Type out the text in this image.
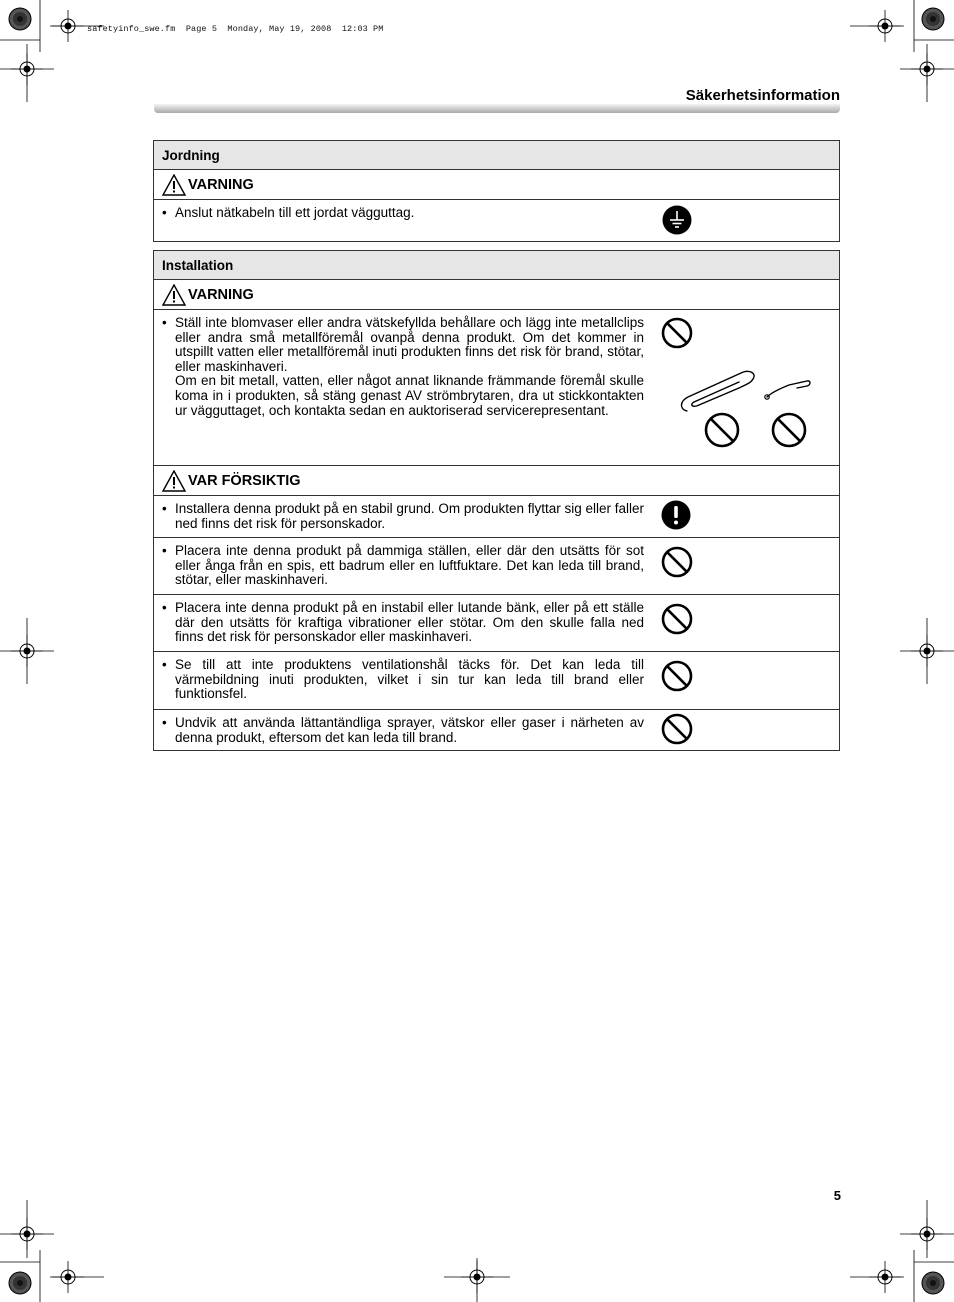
safetyinfo_swe.fm  Page 5  Monday, May 19, 2008  12:03 PM
Säkerhetsinformation
Jordning
VARNING

• Anslut nätkabeln till ett jordat vägguttag.

Installation
VARNING

• Ställ inte blomvaser eller andra vätskefyllda behållare och lägg inte metallclips eller andra små metallföremål ovanpå denna produkt. Om det kommer in utspillt vatten eller metallföremål inuti produkten finns det risk för brand, stötar, eller maskinhaveri.

Om en bit metall, vatten, eller något annat liknande främmande föremål skulle koma in i produkten, så stäng genast AV strömbrytaren, dra ut stickkontakten ur vägguttaget, och kontakta sedan en auktoriserad servicerepresentant.

VAR FÖRSIKTIG

• Installera denna produkt på en stabil grund. Om produkten flyttar sig eller faller ned finns det risk för personskador.

• Placera inte denna produkt på dammiga ställen, eller där den utsätts för sot eller ånga från en spis, ett badrum eller en luftfuktare. Det kan leda till brand, stötar, eller maskinhaveri.

• Placera inte denna produkt på en instabil eller lutande bänk, eller på ett ställe där den utsätts för kraftiga vibrationer eller stötar. Om den skulle falla ned finns det risk för personskador eller maskinhaveri.

• Se till att inte produktens ventilationshål täcks för. Det kan leda till värmebildning inuti produkten, vilket i sin tur kan leda till brand eller funktionsfel.

• Undvik att använda lättantändliga sprayer, vätskor eller gaser i närheten av denna produkt, eftersom det kan leda till brand.

5
